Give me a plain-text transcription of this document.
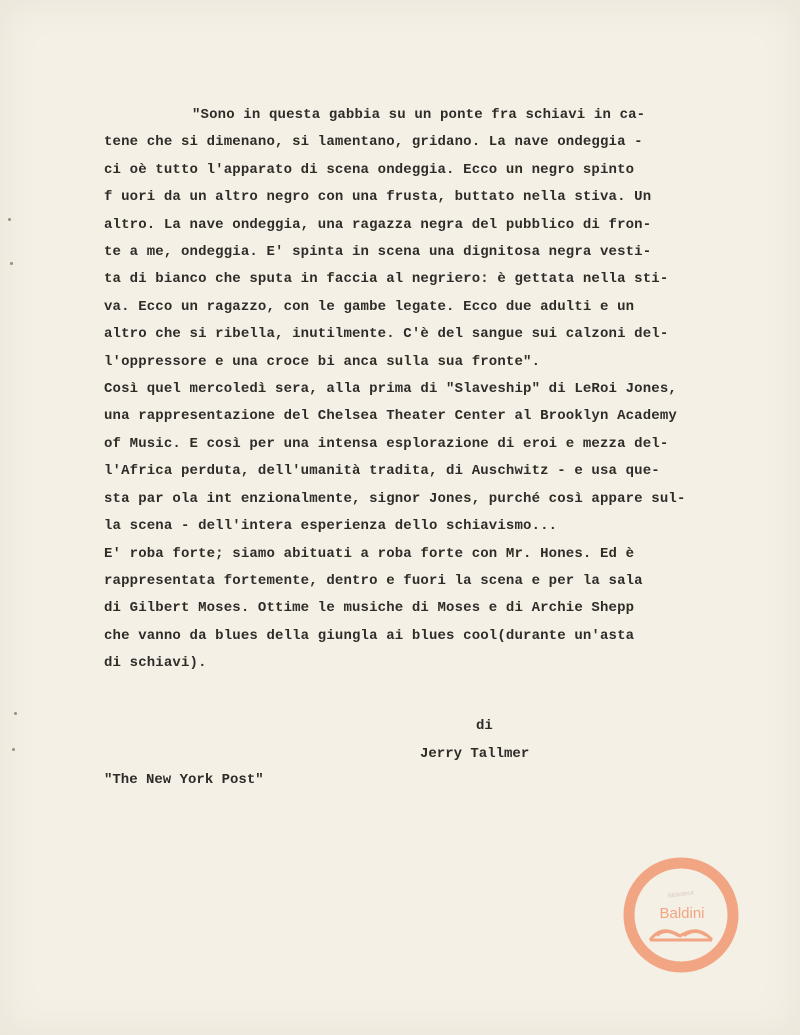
"Sono in questa gabbia su un ponte fra schiavi in ca-
tene che si dimenano, si lamentano, gridano. La nave ondeggia -
ci oè tutto l'apparato di scena ondeggia. Ecco un negro spinto
f uori da un altro negro con una frusta, buttato nella stiva. Un
altro. La nave ondeggia, una ragazza negra del pubblico di fron-
te a me, ondeggia. E' spinta in scena una dignitosa negra vesti-
ta di bianco che sputa in faccia al negriero: è gettata nella sti-
va. Ecco un ragazzo, con le gambe legate. Ecco due adulti e un
altro che si ribella, inutilmente. C'è del sangue sui calzoni del-
l'oppressore e una croce bi anca sulla sua fronte".
Così quel mercoledì sera, alla prima di "Slaveship" di LeRoi Jones,
una rappresentazione del Chelsea Theater Center al Brooklyn Academy
of Music. E così per una intensa esplorazione di eroi e mezza del-
l'Africa perduta, dell'umanità tradita, di Auschwitz - e usa que-
sta par ola int enzionalmente, signor Jones, purché così appare sul-
la scena - dell'intera esperienza dello schiavismo...
E' roba forte; siamo abituati a roba forte con Mr. Hones. Ed è
rappresentata fortemente, dentro e fuori la scena e per la sala
di Gilbert Moses. Ottime le musiche di Moses e di Archie Shepp
che vanno da blues della giungla ai blues cool(durante un'asta
di schiavi).
di
Jerry Tallmer
"The New York Post"
Biblioteca
Baldini
